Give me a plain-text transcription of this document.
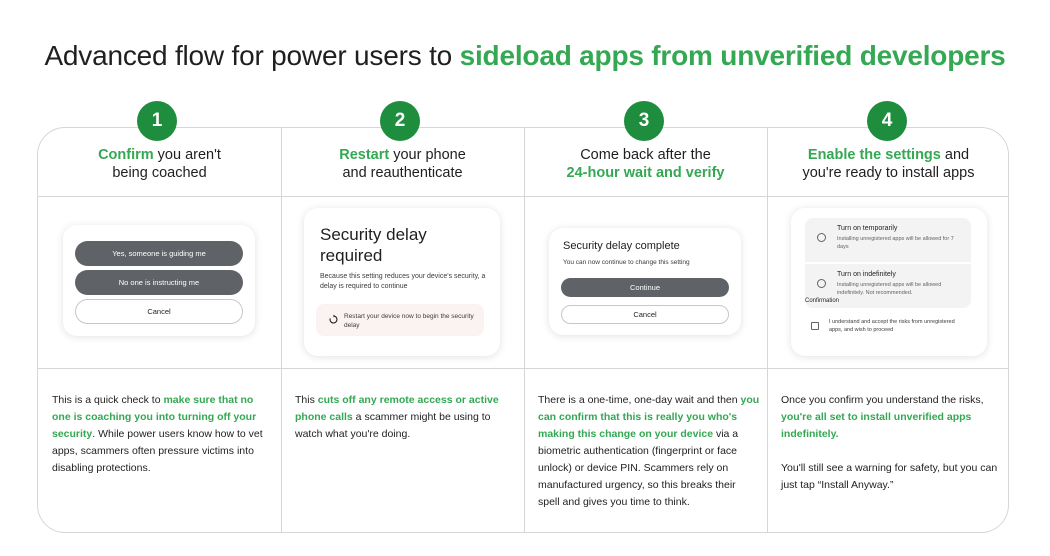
Advanced flow for power users to sideload apps from unverified developers
Confirm you aren't
being coached
Yes, someone is guiding me
No one is instructing me
Cancel

This is a quick check to make sure that no one is coaching you into turning off your security. While power users know how to vet apps, scammers often pressure victims into disabling protections.

Restart your phone
and reauthenticate
Security delay
required
Because this setting reduces your device's security, a delay is required to continue
Restart your device now to begin the security delay

This cuts off any remote access or active phone calls a scammer might be using to watch what you're doing.

Come back after the
24-hour wait and verify
Security delay complete
You can now continue to change this setting
Continue
Cancel

There is a one-time, one-day wait and then you can confirm that this is really you who's making this change on your device via a biometric authentication (fingerprint or face unlock) or device PIN. Scammers rely on manufactured urgency, so this breaks their spell and gives you time to think.

Enable the settings and
you're ready to install apps
Turn on temporarily
Installing unregistered apps will be allowed for 7 days
Turn on indefinitely
Installing unregistered apps will be allowed indefinitely. Not recommended.
Confirmation
I understand and accept the risks from unregistered apps, and wish to proceed

Once you confirm you understand the risks, you're all set to install unverified apps indefinitely.

You'll still see a warning for safety, but you can just tap “Install Anyway.”

1	2	3	4
